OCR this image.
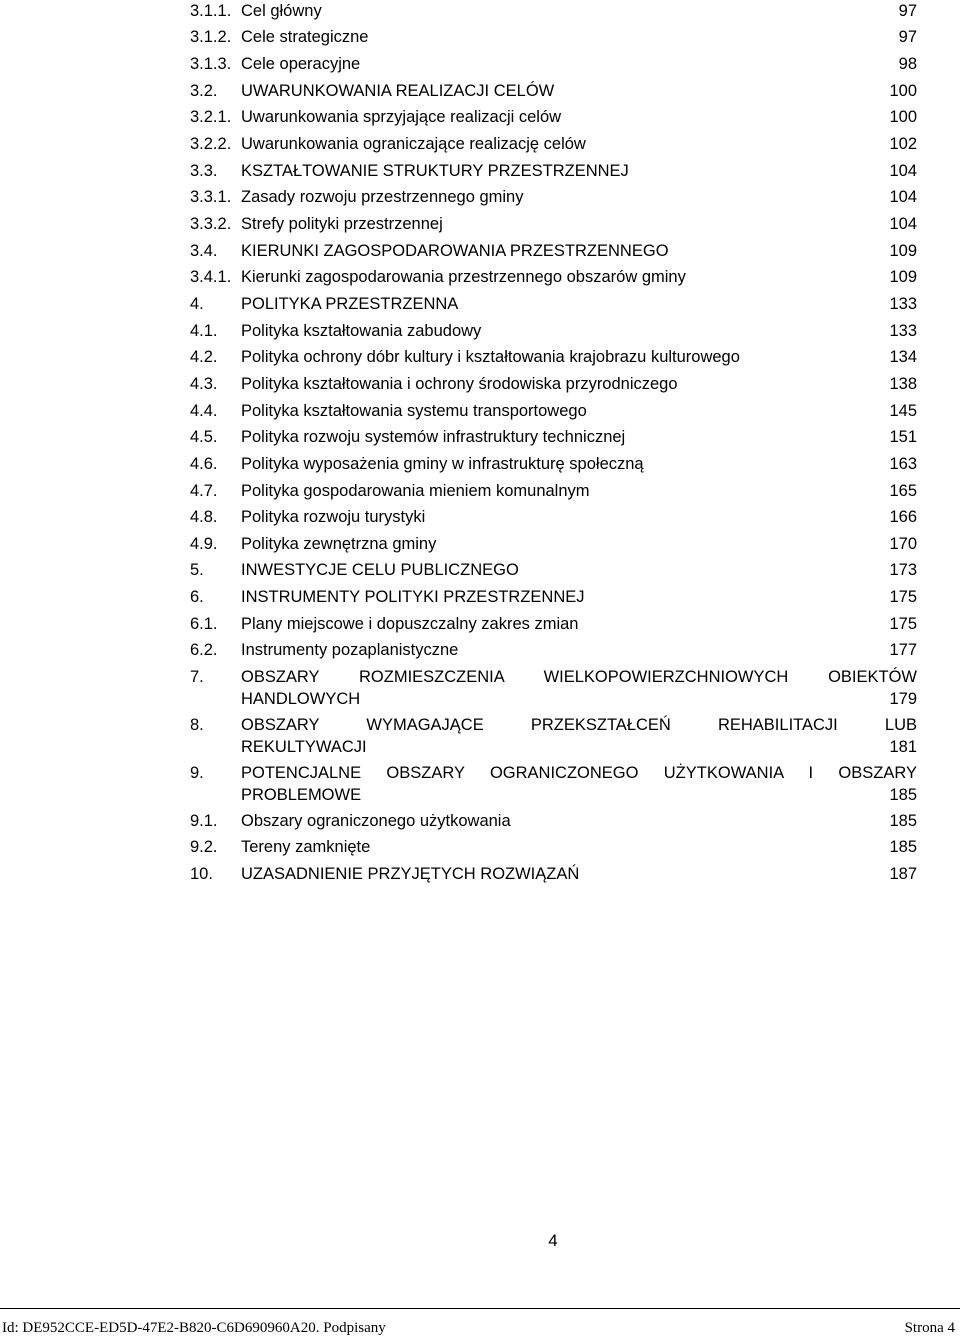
3.1.1. Cel główny	97
3.1.2. Cele strategiczne	97
3.1.3. Cele operacyjne	98
3.2. UWARUNKOWANIA REALIZACJI CELÓW	100
3.2.1. Uwarunkowania sprzyjające realizacji celów	100
3.2.2. Uwarunkowania ograniczające realizację celów	102
3.3. KSZTAŁTOWANIE STRUKTURY PRZESTRZENNEJ	104
3.3.1. Zasady rozwoju przestrzennego gminy	104
3.3.2. Strefy polityki przestrzennej	104
3.4. KIERUNKI ZAGOSPODAROWANIA PRZESTRZENNEGO	109
3.4.1. Kierunki zagospodarowania przestrzennego obszarów gminy	109
4. POLITYKA PRZESTRZENNA	133
4.1. Polityka kształtowania zabudowy	133
4.2. Polityka ochrony dóbr kultury i kształtowania krajobrazu kulturowego	134
4.3. Polityka kształtowania i ochrony środowiska przyrodniczego	138
4.4. Polityka kształtowania systemu transportowego	145
4.5. Polityka rozwoju systemów infrastruktury technicznej	151
4.6. Polityka wyposażenia gminy w infrastrukturę społeczną	163
4.7. Polityka gospodarowania mieniem komunalnym	165
4.8. Polityka rozwoju turystyki	166
4.9. Polityka zewnętrzna gminy	170
5. INWESTYCJE CELU PUBLICZNEGO	173
6. INSTRUMENTY POLITYKI PRZESTRZENNEJ	175
6.1. Plany miejscowe i dopuszczalny zakres zmian	175
6.2. Instrumenty pozaplanistyczne	177
7. OBSZARY ROZMIESZCZENIA WIELKOPOWIERZCHNIOWYCH OBIEKTÓW
HANDLOWYCH	179
8. OBSZARY WYMAGAJĄCE PRZEKSZTAŁCEŃ REHABILITACJI LUB
REKULTYWACJI	181
9. POTENCJALNE OBSZARY OGRANICZONEGO UŻYTKOWANIA I OBSZARY
PROBLEMOWE	185
9.1. Obszary ograniczonego użytkowania	185
9.2. Tereny zamknięte	185
10. UZASADNIENIE PRZYJĘTYCH ROZWIĄZAŃ	187
4
Id: DE952CCE-ED5D-47E2-B820-C6D690960A20. Podpisany	Strona 4
